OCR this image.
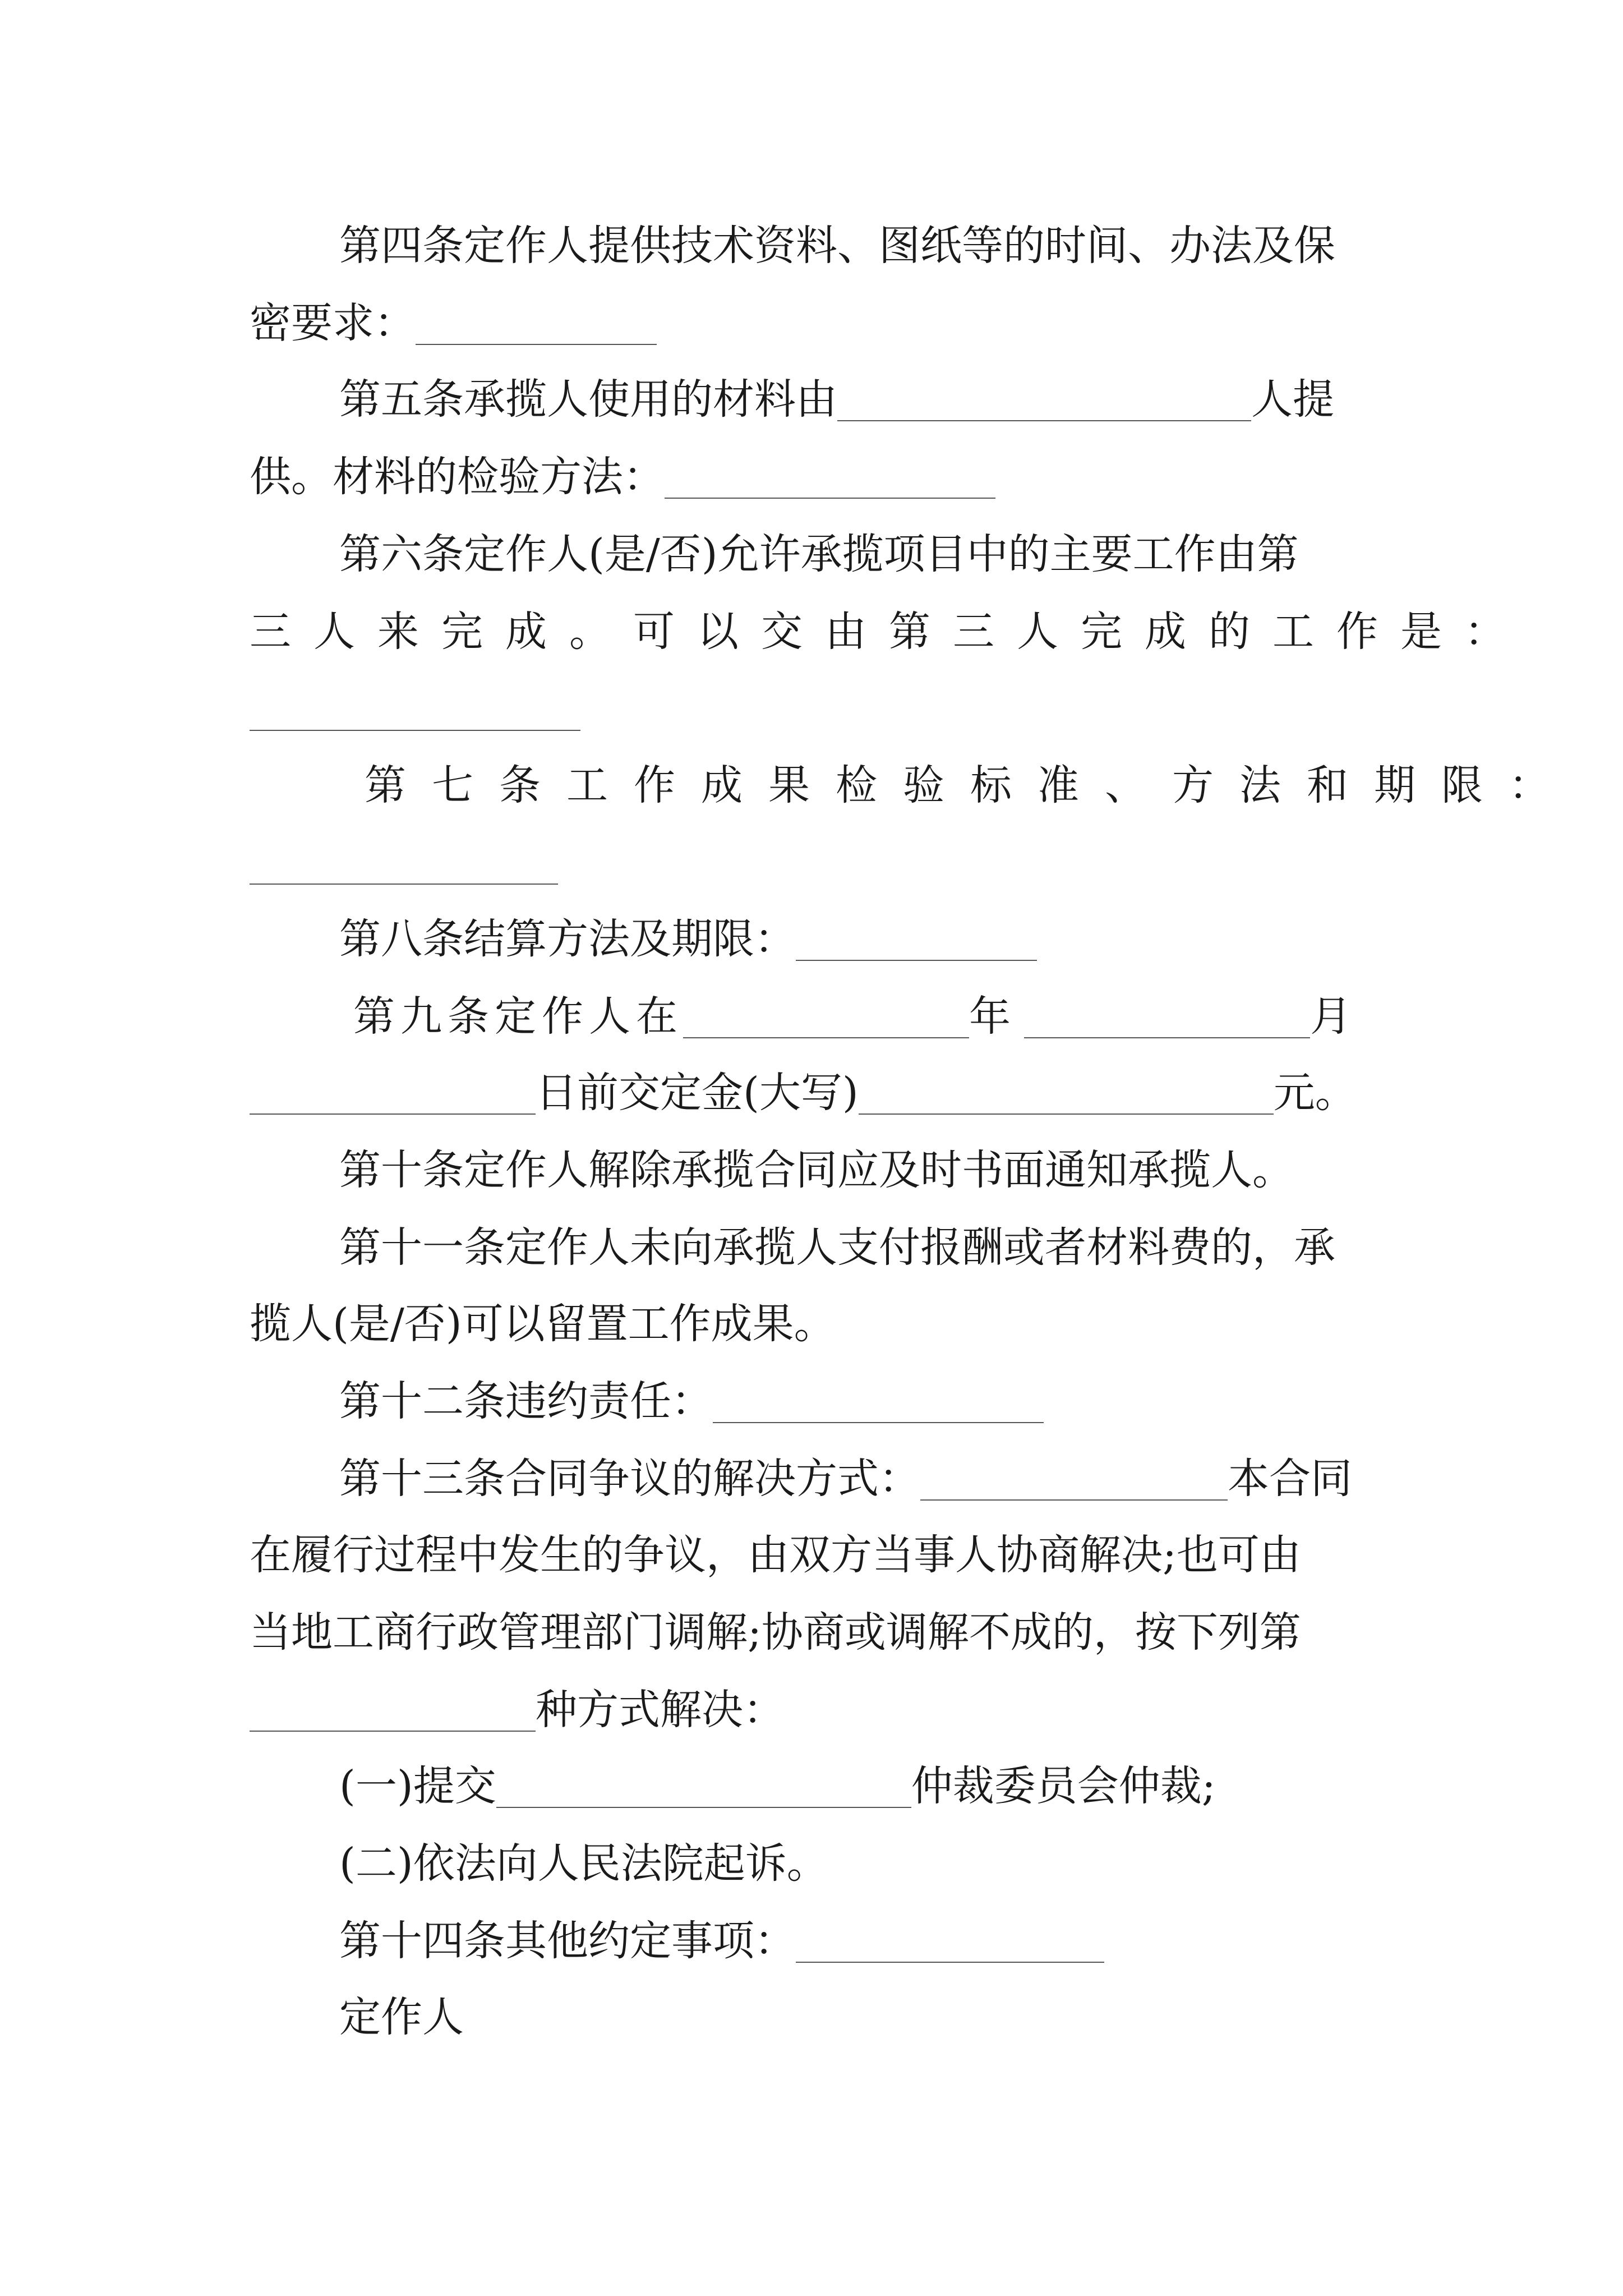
第四条定作人提供技术资料、图纸等的时间、办法及保
密要求：
第五条承揽人使用的材料由	人提
供。材料的检验方法：
第六条定作人(是/否)允许承揽项目中的主要工作由第
三人来完成。可以交由第三人完成的工作是：
第七条工作成果检验标准、方法和期限：
第八条结算方法及期限：
第九条定作人在	年	月
日前交定金(大写)	元。
第十条定作人解除承揽合同应及时书面通知承揽人。
第十一条定作人未向承揽人支付报酬或者材料费的，承
揽人(是/否)可以留置工作成果。
第十二条违约责任：
第十三条合同争议的解决方式：	本合同
在履行过程中发生的争议，由双方当事人协商解决;也可由
当地工商行政管理部门调解;协商或调解不成的，按下列第
种方式解决：
(一)提交	仲裁委员会仲裁;
(二)依法向人民法院起诉。
第十四条其他约定事项：
定作人
